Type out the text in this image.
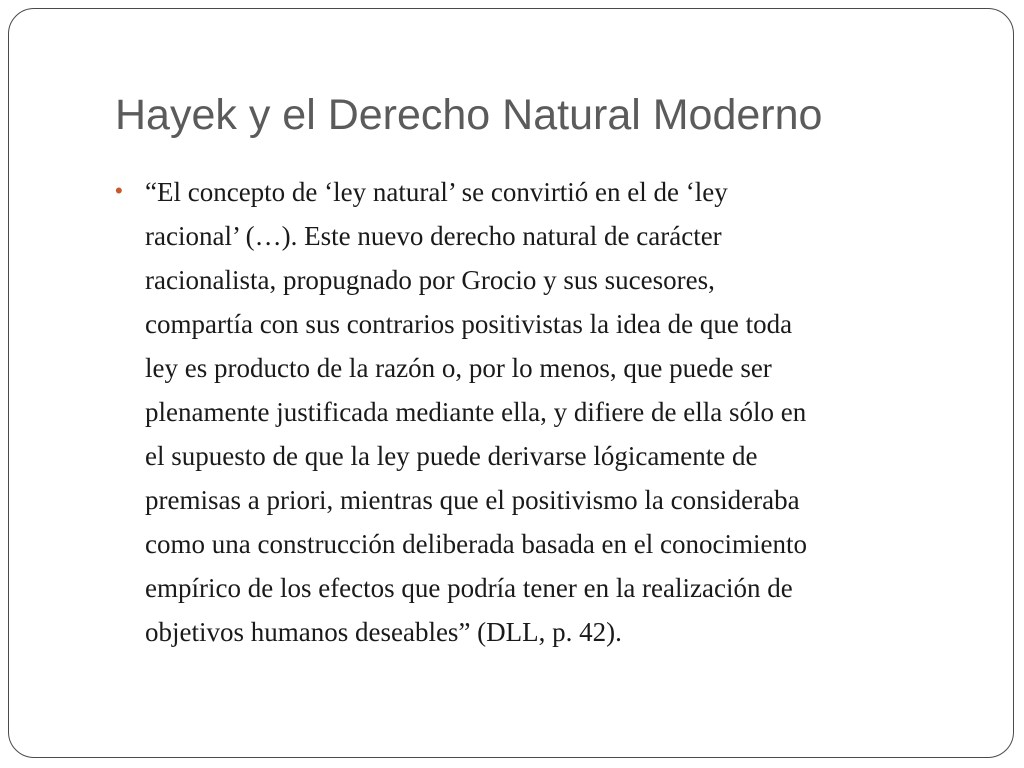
Hayek y el Derecho Natural Moderno
• “El concepto de ‘ley natural’ se convirtió en el de ‘ley
racional’ (…). Este nuevo derecho natural de carácter
racionalista, propugnado por Grocio y sus sucesores,
compartía con sus contrarios positivistas la idea de que toda
ley es producto de la razón o, por lo menos, que puede ser
plenamente justificada mediante ella, y difiere de ella sólo en
el supuesto de que la ley puede derivarse lógicamente de
premisas a priori, mientras que el positivismo la consideraba
como una construcción deliberada basada en el conocimiento
empírico de los efectos que podría tener en la realización de
objetivos humanos deseables” (DLL, p. 42).
